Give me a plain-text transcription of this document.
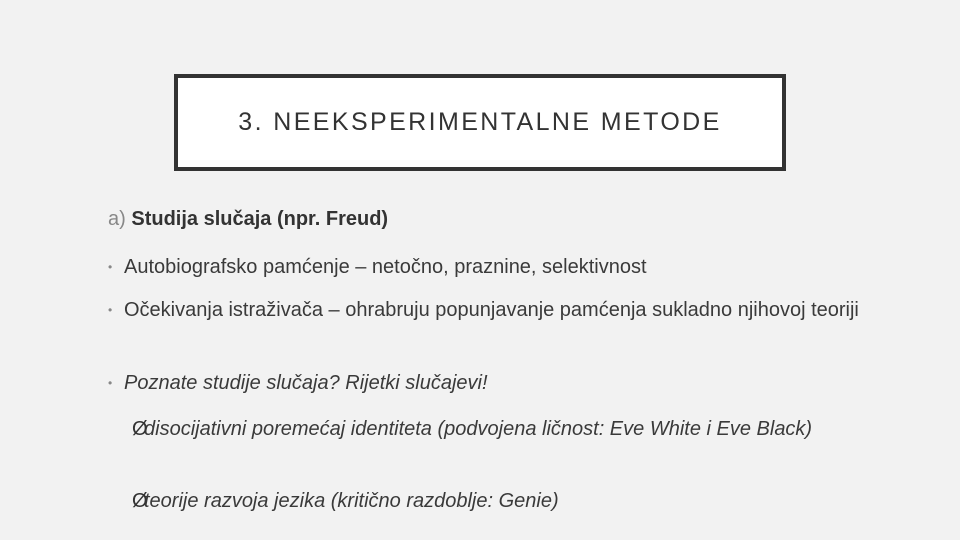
3. NEEKSPERIMENTALNE METODE
a) Studija slučaja (npr. Freud)
• Autobiografsko pamćenje – netočno, praznine, selektivnost
• Očekivanja istraživača – ohrabruju popunjavanje pamćenja sukladno njihovoj teoriji
• Poznate studije slučaja? Rijetki slučajevi!
Ø
disocijativni poremećaj identiteta (podvojena ličnost: Eve White i Eve Black)
Ø
teorije razvoja jezika (kritično razdoblje: Genie)
